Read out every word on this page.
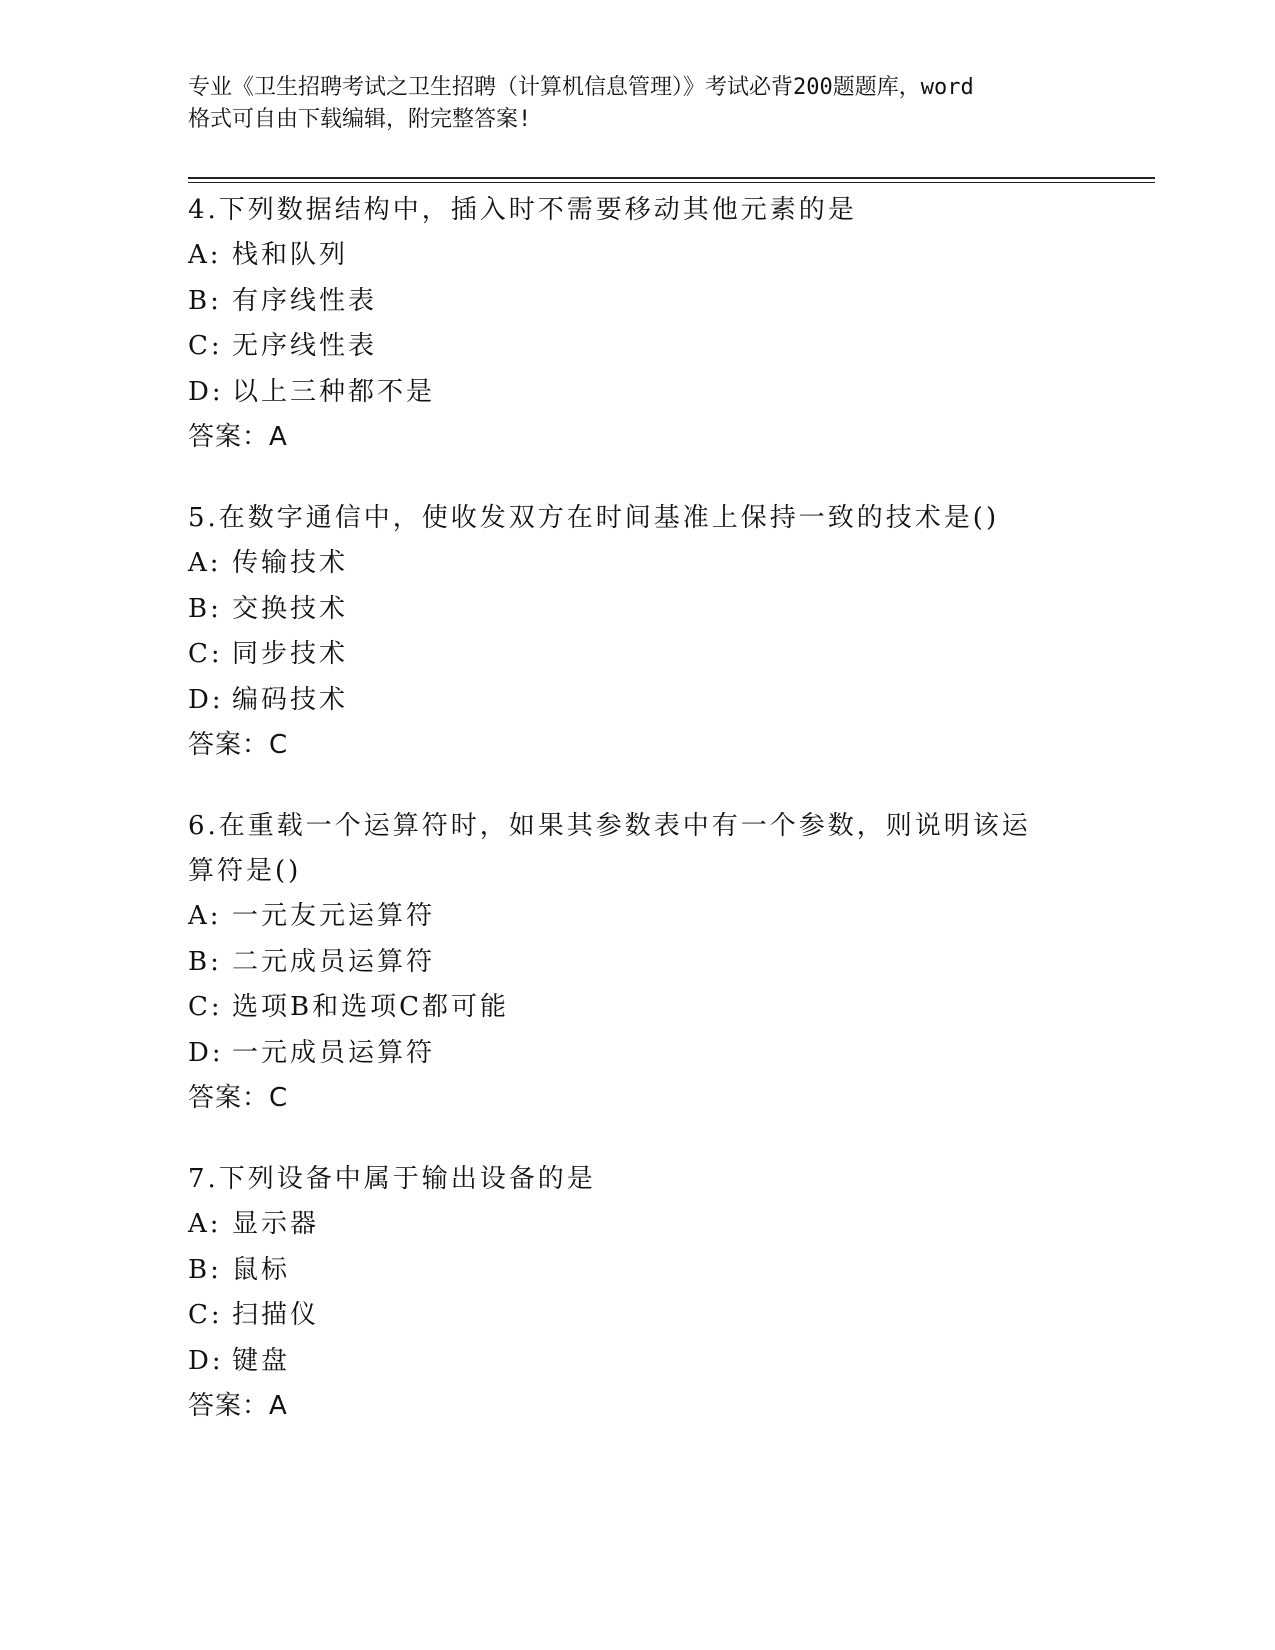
专业《卫生招聘考试之卫生招聘（计算机信息管理）》考试必背200题题库，word
格式可自由下载编辑，附完整答案!

4.下列数据结构中，插入时不需要移动其他元素的是

A: 栈和队列

B: 有序线性表

C: 无序线性表

D: 以上三种都不是

答案：A

5.在数字通信中，使收发双方在时间基准上保持一致的技术是()

A: 传输技术

B: 交换技术

C: 同步技术

D: 编码技术

答案：C

6.在重载一个运算符时，如果其参数表中有一个参数，则说明该运算符是()

A: 一元友元运算符

B: 二元成员运算符

C: 选项B和选项C都可能

D: 一元成员运算符

答案：C

7.下列设备中属于输出设备的是

A: 显示器

B: 鼠标

C: 扫描仪

D: 键盘

答案：A
